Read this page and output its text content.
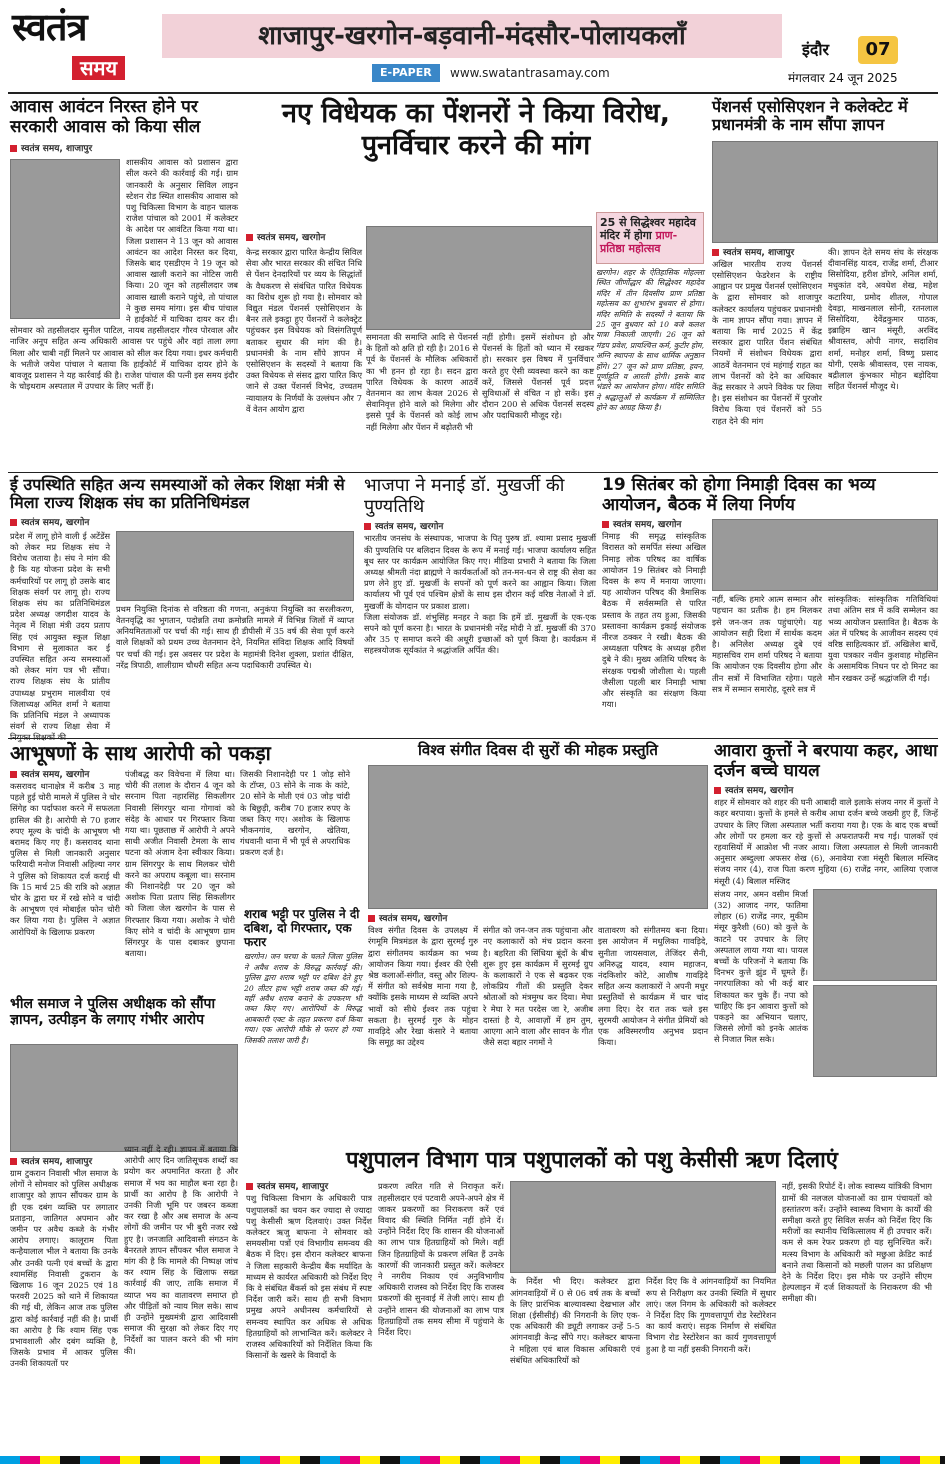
स्वतंत्र
समय
शाजापुर-खरगोन-बड़वानी-मंदसौर-पोलायकलाँ
E-PAPER	www.swatantrasamay.com
इंदौर	07
मंगलवार 24 जून 2025
आवास आवंटन निरस्त होने पर सरकारी आवास को किया सील
स्वतंत्र समय, शाजापुर
शासकीय आवास को प्रशासन द्वारा सील करने की कार्रवाई की गई। ग्राम जानकारी के अनुसार सिविल लाइन स्टेशन रोड स्थित शासकीय आवास को पशु चिकित्सा विभाग के वाहन चालक राजेश पांचाल को 2001 में कलेक्टर के आदेश पर आवंटित किया गया था। जिला प्रशासन ने 13 जून को आवास आवंटन का आदेश निरस्त कर दिया, जिसके बाद एसडीएम ने 19 जून को आवास खाली कराने का नोटिस जारी किया। 20 जून को तहसीलदार जब आवास खाली कराने पहुंचे, तो पांचाल ने कुछ समय मांगा। इस बीच पांचाल ने हाईकोर्ट में याचिका दायर कर दी। सोमवार को तहसीलदार सुनील पाटिल, नायब तहसीलदार गौरव पोरवाल और नाजिर अनूप सहित अन्य अधिकारी आवास पर पहुंचे और वहां ताला लगा मिला और चाबी नहीं मिलने पर आवास को सील कर दिया गया। इधर कर्मचारी के भतीजे जयेश पांचाल ने बताया कि हाईकोर्ट में याचिका दायर होने के बावजूद प्रशासन ने यह कार्रवाई की है। राजेश पांचाल की पत्नी इस समय इंदौर के चोइथराम अस्पताल में उपचार के लिए भर्ती हैं।
नए विधेयक का पेंशनरों ने किया विरोध, पुनर्विचार करने की मांग
स्वतंत्र समय, खरगोन
केन्द्र सरकार द्वारा पारित केन्द्रीय सिविल सेवा और भारत सरकार की संचित निधि से पेंशन देनदारियों पर व्यय के सिद्धांतों के वैधकरण से संबंधित पारित विधेयक का विरोध शुरू हो गया है। सोमवार को विद्युत मंडल पेंशनर्स एसोसिएशन के बैनर तले इकट्ठा हुए पेंशनरों ने कलेक्ट्रेट पहुंचकर इस विधेयक को विसंगतिपूर्ण बताकर सुधार की मांग की है। प्रधानमंत्री के नाम सौंपे ज्ञापन में एसोसिएशन के सदस्यों ने बताया कि उक्त विधेयक से संसद द्वारा पारित किए जाने से उक्त पेंशनर्स विभेद, उच्चतम न्यायालय के निर्णयों के उल्लंघन और 7 वें वेतन आयोग द्वारा
समानता की समाप्ति आदि से पेंशनर्स के हितों को क्षति हो रही है। 2016 से पूर्व के पेंशनर्स के मौलिक अधिकारों का भी हनन हो रहा है। सदन द्वारा पारित विधेयक के कारण आठवें वेतनमान का लाभ केवल 2026 से सेवानिवृत्त होने वाले को मिलेगा और इससे पूर्व के पेंशनर्स को कोई लाभ नहीं मिलेगा और पेंशन में बढ़ोतरी भी
नहीं होगी। इसमें संशोधन हो और पेंशनर्स के हितों को ध्यान में रखकर हो। सरकार इस विषय में पुनर्विचार करते हुए ऐसी व्यवस्था करने का कष्ट करें, जिससे पेंशनर्स पूर्व प्रदत्त सुविधाओं से वंचित न हो सकें। इस दौरान 200 से अधिक पेंशनर्स सदस्य और पदाधिकारी मौजूद रहे।
25 से सिद्धेश्वर महादेव मंदिर में होगा प्राण-प्रतिष्ठा महोत्सव
खरगोन। शहर के ऐतिहासिक मोहल्ला स्थित जीर्णोद्धार की सिद्धेश्वर महादेव मंदिर में तीन दिवसीय प्राण प्रतिष्ठा महोत्सव का शुभारंभ बुधवार से होगा। मंदिर समिति के सदस्यों ने बताया कि 25 जून बुधवार को 10 बजे कलश यात्रा निकाली जाएगी। 26 जून को मंडप प्रवेश, प्रायश्चित्त कर्म, कुटीर होम, अग्नि स्थापना के साथ धार्मिक अनुष्ठान होंगे। 27 जून को प्राण प्रतिष्ठा, हवन, पूर्णाहुति व आरती होगी। इसके बाद भंडारे का आयोजन होगा। मंदिर समिति ने श्रद्धालुओं से कार्यक्रम में सम्मिलित होने का आग्रह किया है।
पेंशनर्स एसोसिएशन ने कलेक्टेट में प्रधानमंत्री के नाम सौंपा ज्ञापन
स्वतंत्र समय, शाजापुर
अखिल भारतीय राज्य पेंशनर्स एसोसिएशन फेडरेशन के राष्ट्रीय आह्वान पर प्रमुख पेंशनर्स एसोसिएशन के द्वारा सोमवार को शाजापुर कलेक्टर कार्यालय पहुंचकर प्रधानमंत्री के नाम ज्ञापन सौंपा गया। ज्ञापन में बताया कि मार्च 2025 में केंद्र सरकार द्वारा पारित पेंशन संबंधित नियमों में संशोधन विधेयक द्वारा आठवें वेतनमान एवं महंगाई राहत का लाभ पेंशनरों को देने का अधिकार केंद्र सरकार ने अपने विवेक पर लिया है। इस संशोधन का पेंशनरों में पुरजोर विरोध किया एवं पेंशनरों को 55 राहत देने की मांग
की। ज्ञापन देते समय संघ के संरक्षक दीवानसिंह यादव, राजेंद्र शर्मा, टीआर सिसोदिया, हरीश डोंगरे, अनिल शर्मा, मधुकांत दवे, अवधेश शेख, महेश कटारिया, प्रमोद शीतल, गोपाल देवड़ा, माखनलाल सोनी, रतनलाल सिसोदिया, देवेंद्रकुमार पाठक, इब्राहिम खान मंसूरी, अरविंद श्रीवास्तव, ओपी नागर, सदाशिव शर्मा, मनोहर शर्मा, विष्णु प्रसाद योगी, एसके श्रीवास्तव, एस नायक, बद्रीलाल कुंभकार मोहन बड़ोदिया सहित पेंशनर्स मौजूद थे।
ई उपस्थिति सहित अन्य समस्याओं को लेकर शिक्षा मंत्री से मिला राज्य शिक्षक संघ का प्रतिनिधिमंडल
स्वतंत्र समय, खरगोन
प्रदेश में लागू होने वाली ई अटेंडेंस को लेकर मप्र शिक्षक संघ ने विरोध जताया है। संघ ने मांग की है कि यह योजना प्रदेश के सभी कर्मचारियों पर लागू हो उसके बाद शिक्षक संवर्ग पर लागू हो। राज्य शिक्षक संघ का प्रतिनिधिमंडल प्रदेश अध्यक्ष जगदीश यादव के नेतृत्व में शिक्षा मंत्री उदय प्रताप सिंह एवं आयुक्त स्कूल शिक्षा विभाग से मुलाकात कर ई उपस्थित सहित अन्य समस्याओं को लेकर मांग पत्र भी सौंपा। राज्य शिक्षक संघ के प्रांतीय उपाध्यक्ष प्रभुराम मालवीया एवं जिलाध्यक्ष अमित शर्मा ने बताया कि प्रतिनिधि मंडल ने अध्यापक संवर्ग से राज्य शिक्षा सेवा में
प्रथम नियुक्ति दिनांक से वरिष्ठता की गणना, अनुकंपा नियुक्ति का सरलीकरण, वेतनवृद्धि का भुगतान, पदोन्नति तथा क्रमोन्नति मामले में विभिन्न जिलों में व्याप्त अनियमितताओं पर चर्चा की गई। साथ ही डीपीसी में 35 वर्ष की सेवा पूर्ण करने वाले शिक्षकों को प्रथम उच्च वेतनमान देने, नियमित संविदा शिक्षक आदि विषयों पर चर्चा की गई। इस अवसर पर प्रदेश के महामंत्री दिनेश शुक्ला, प्रशांत दीक्षित, नरेंद्र त्रिपाठी, शालीग्राम चौधरी सहित अन्य पदाधिकारी उपस्थित थे।
भाजपा ने मनाई डॉ. मुखर्जी की पुण्यतिथि
स्वतंत्र समय, खरगोन
भारतीय जनसंघ के संस्थापक, भाजपा के पितृ पुरुष डॉ. श्यामा प्रसाद मुखर्जी की पुण्यतिथि पर बलिदान दिवस के रूप में मनाई गई। भाजपा कार्यालय सहित बूथ स्तर पर कार्यक्रम आयोजित किए गए। मीडिया प्रभारी ने बताया कि जिला अध्यक्ष श्रीमती नंदा ब्राह्मणे ने कार्यकर्ताओं को तन-मन-धन से राष्ट्र की सेवा का प्रण लेने हुए डॉ. मुखर्जी के सपनों को पूर्ण करने का आह्वान किया। जिला कार्यालय भी पूर्व एवं पश्चिम क्षेत्रों के साथ इस दौरान कई वरिष्ठ नेताओं ने डॉ. मुखर्जी के योगदान पर प्रकाश डाला।
जिला संयोजक डॉ. शंभुसिंह मनहर ने कहा कि हमें डॉ. मुखर्जी के एक-एक सपने को पूर्ण करना है। भारत के प्रधानमंत्री नरेंद्र मोदी ने डॉ. मुखर्जी की 370 और 35 ए समाप्त करने की अधूरी इच्छाओं को पूर्ण किया है। कार्यक्रम में सहस्त्रयोजक सूर्यकांत ने श्रद्धांजलि अर्पित की।
19 सितंबर को होगा निमाड़ी दिवस का भव्य आयोजन, बैठक में लिया निर्णय
स्वतंत्र समय, खरगोन
निमाड़ की समृद्ध सांस्कृतिक विरासत को समर्पित संस्था अखिल निमाड़ लोक परिषद का वार्षिक आयोजन 19 सितंबर को निमाड़ी दिवस के रूप में मनाया जाएगा। यह आयोजन परिषद की त्रैमासिक बैठक में सर्वसम्मति से पारित प्रस्ताव के तहत तय हुआ, जिसकी प्रस्तावना कार्यक्रम इकाई संयोजक नीरज ठक्कर ने रखी। बैठक की अध्यक्षता परिषद के अध्यक्ष हरीश दुबे ने की। मुख्य अतिथि परिषद के संरक्षक पद्मश्री जोशीला थे। पहली जैसीला पहली बार निमाड़ी भाषा और संस्कृति का संरक्षण किया गया।
नहीं, बल्कि हमारे आत्म सम्मान और पहचान का प्रतीक है। हम मिलकर इसे जन-जन तक पहुंचाएंगे। यह आयोजन सही दिशा में सार्थक कदम है। अनिलेश अध्यक्ष दुबे एवं महासचिव राम शर्मा परिषद ने बताया कि आयोजन एक दिवसीय होगा और तीन सत्रों में विभाजित रहेगा। पहले सत्र में सम्मान समारोह, दूसरे सत्र में
सांस्कृतिक: सांस्कृतिक गतिविधियां तथा अंतिम सत्र में कवि सम्मेलन का भव्य आयोजन प्रस्तावित है। बैठक के अंत में परिषद के आजीवन सदस्य एवं वरिष्ठ साहित्यकार डॉ. अखिलेश बार्चे, युवा पत्रकार नवीन कुशवाह मोहसिन के असामयिक निधन पर दो मिनट का मौन रखकर उन्हें श्रद्धांजलि दी गई।
आभूषणों के साथ आरोपी को पकड़ा
स्वतंत्र समय, खरगोन
कसरावद थानाक्षेत्र में करीब 3 माह पहले हुई चोरी मामले में पुलिस ने चोर सिंगेह का पर्दाफाश करने में सफलता हासिल की है। आरोपी से 70 हजार रुपए मूल्य के चांदी के आभूषण भी बरामद किए गए हैं। कसरावद थाना पुलिस से मिली जानकारी अनुसार फरियादी मनोज निवासी अहिल्या नगर ने पुलिस को शिकायत दर्ज कराई थी कि 15 मार्च 25 की रात्रि को अज्ञात चोर के द्वारा घर में रखे सोने व चांदी के आभूषण एवं मोबाईल फोन चोरी कर लिया गया है। पुलिस ने अज्ञात आरोपियों के खिलाफ प्रकरण
पंजीबद्ध कर विवेचना में लिया था। चोरी की तलाश के दौरान 4 जून को सरनाम पिता नहारसिंह सिकलीगर निवासी सिंगरपुर थाना गोगावां को संदेह के आधार पर गिरफ्तार किया गया था। पूछताछ में आरोपी ने अपने साथी अजीत निवासी टेमला के साथ घटना को अंजाम देना स्वीकार किया। ग्राम सिंगरपुर के साथ मिलकर चोरी करने का अपराध कबूला था। सरनाम की निशानदेही पर 20 जून को अशोक पिता प्रताप सिंह सिकलीगर को जिला जेल खरगोन के पास से गिरफ्तार किया गया। अशोक ने चोरी किए सोने व चांदी के आभूषण ग्राम सिंगरपुर के पास दबाकर छुपाना बताया।
जिसकी निशानदेही पर 1 जोड़ सोने के टॉप्स, 03 सोने के नाक के कांटे, 20 सोने के मोती एवं 03 जोड़ चांदी के बिछुड़ी, करीब 70 हजार रुपए के जब्त किए गए। अशोक के खिलाफ भीकनगांव, खरगोन, खेतिया, गंधवानी थाना में भी पूर्व से अपराधिक प्रकरण दर्ज है।
शराब भट्टी पर पुलिस ने दी दबिश, दो गिरफ्तार, एक फरार
खरगोन। जन चरचा के चलते जिला पुलिस ने अवैध शराब के विरुद्ध कार्रवाई की। पुलिस द्वारा शराब भट्टी पर दबिश देते हुए 20 लीटर हाथ भट्टी शराब जब्त की गई। वहीं अवैध शराब बनाने के उपकरण भी जब्त किए गए। आरोपियों के विरुद्ध आबकारी एक्ट के तहत प्रकरण दर्ज किया गया। एक आरोपी मौके से फरार हो गया जिसकी तलाश जारी है।
विश्व संगीत दिवस दी सुरों की मोहक प्रस्तुति
स्वतंत्र समय, खरगोन
विश्व संगीत दिवस के उपलक्ष्य में रंगमूमि मित्रमंडल के द्वारा सुरमई गुरु द्वारा संगीतमय कार्यक्रम का भव्य आयोजन किया गया। ईश्वर की ऐसी श्रेष्ठ कलाओं-संगीत, वस्तु और शिल्प-में संगीत को सर्वश्रेष्ठ माना गया है, क्योंकि इसके माध्यम से व्यक्ति अपने भावों को सीधे ईश्वर तक पहुंचा सकता है। सुरमई गुरु के मोहन गावड़िदे और रेखा कंसारे ने बताया कि समूह का उद्देश्य
संगीत को जन-जन तक पहुंचाना और नए कलाकारों को मंच प्रदान करना है। बहरिता की सिंधिया बूंदों के बीच शुरू हुए इस कार्यक्रम में सुरमई ग्रुप के कलाकारों ने एक से बढ़कर एक लोकप्रिय गीतों की प्रस्तुति देकर श्रोताओं को मंत्रमुग्ध कर दिया। मेघा रे मेघा रे मत परदेस जा रे, अजीब दास्तां है ये, आवाज़ों में हम तुम, आएगा आने वाला और सावन के गीत जैसे सदा बहार नगमों ने
वातावरण को संगीतमय बना दिया। इस आयोजन में मधुलिका गावड़िदे, सुनीता जायसवाल, तेजिंदर सैनी, अनिरुद्ध यादव, श्याम महाजन, नंदकिशोर कोटे, आशीष गावड़िदे सहित अन्य कलाकारों ने अपनी मधुर प्रस्तुतियों से कार्यक्रम में चार चांद लगा दिए। देर रात तक चले इस सुरमयी आयोजन ने संगीत प्रेमियों को एक अविस्मरणीय अनुभव प्रदान किया।
आवारा कुत्तों ने बरपाया कहर, आधा दर्जन बच्चे घायल
स्वतंत्र समय, खरगोन
शहर में सोमवार को शहर की घनी आबादी वाले इलाके संजय नगर में कुत्तों ने कहर बरपाया। कुत्तों के हमले से करीब आधा दर्जन बच्चे जख्मी हुए हैं, जिन्हें उपचार के लिए जिला अस्पताल भर्ती कराया गया है। एक के बाद एक बच्चों और लोगों पर हमला कर रहे कुत्तों से अफरातफरी मच गई। पालकों एवं रहवासियों में आक्रोश भी नजर आया। जिला अस्पताल से मिली जानकारी अनुसार अब्दुल्ला अफसर शेख (6), अनावेया रजा मंसूरी बिलाल मस्जिद संजय नगर (4), राज पिता करण मुहिया (6) राजेंद्र नगर, आलिया एजाज मंसूरी (4) बिलाल मस्जिद
संजय नगर, अमन वसीम मिर्जा (32) आजाद नगर, फातिमा लोहार (6) राजेंद्र नगर, मुकीम मंसूर कुरैशी (60) को कुत्ते के काटने पर उपचार के लिए अस्पताल लाया गया था। पायल बच्चों के परिजनों ने बताया कि दिनभर कुत्ते झुंड में घूमते हैं। नगरपालिका को भी कई बार शिकायत कर चुके हैं। नपा को चाहिए कि इन आवारा कुत्तों को पकड़ने का अभियान चलाए, जिससे लोगों को इनके आतंक से निजात मिल सके।
भील समाज ने पुलिस अधीक्षक को सौंपा ज्ञापन, उत्पीड़न के लगाए गंभीर आरोप
स्वतंत्र समय, शाजापुर
ग्राम टुकरान निवासी भील समाज के लोगों ने सोमवार को पुलिस अधीक्षक शाजापुर को ज्ञापन सौंपकर ग्राम के ही एक दबंग व्यक्ति पर लगातार प्रताड़ना, जातिगत अपमान और जमीन पर अवैध कब्जे के गंभीर आरोप लगाए। कालूराम पिता कन्हैयालाल भील ने बताया कि उनके और उनकी पत्नी एवं बच्चों के द्वारा श्यामसिंह निवासी टुकरान के खिलाफ 16 जून 2025 एवं 18 फरवरी 2025 को थाने में शिकायत की गई थी, लेकिन आज तक पुलिस द्वारा कोई कार्रवाई नहीं की है। प्रार्थी का आरोप है कि श्याम सिंह एक प्रभावशाली और दबंग व्यक्ति है, जिसके प्रभाव में आकर पुलिस उनकी शिकायतों पर
ध्यान नहीं दे रही। ज्ञापन में बताया कि आरोपी आए दिन जातिसूचक शब्दों का प्रयोग कर अपमानित करता है और समाज में भय का माहौल बना रहा है। प्रार्थी का आरोप है कि आरोपी ने उनकी निजी भूमि पर जबरन कब्जा कर रखा है और अब समाज के अन्य लोगों की जमीन पर भी बुरी नजर रखे हुए है। जनजाति आदिवासी संगठन के बैनरतले ज्ञापन सौंपकर भील समाज ने मांग की है कि मामले की निष्पक्ष जांच कर श्याम सिंह के खिलाफ सख्त कार्रवाई की जाए, ताकि समाज में व्याप्त भय का वातावरण समाप्त हो और पीड़ितों को न्याय मिल सके। साथ ही उन्होंने मुख्यमंत्री द्वारा आदिवासी समाज की सुरक्षा को लेकर दिए गए निर्देशों का पालन करने की भी मांग की।
पशुपालन विभाग पात्र पशुपालकों को पशु केसीसी ऋण दिलाएं
स्वतंत्र समय, शाजापुर
पशु चिकित्सा विभाग के अधिकारी पात्र पशुपालकों का चयन कर ज्यादा से ज्यादा पशु केसीसी ऋण दिलवाएं। उक्त निर्देश कलेक्टर ऋजु बाफना ने सोमवार को समयसीमा पत्रों एवं विभागीय समन्वय की बैठक में दिए। इस दौरान कलेक्टर बाफना ने जिला सहकारी केन्द्रीय बैंक मर्यादित के माध्यम से कार्यरत अधिकारी को निर्देश दिए कि वे संबंधित बैंकर्स को इस संबंध में स्पष्ट निर्देश जारी करें। साथ ही सभी विभाग प्रमुख अपने अधीनस्थ कर्मचारियों से समन्वय स्थापित कर अधिक से अधिक हितग्राहियों को लाभान्वित करें। कलेक्टर ने राजस्व अधिकारियों को निर्देशित किया कि किसानों के खसरे के विवादों के
प्रकरण त्वरित गति से निराकृत करें। तहसीलदार एवं पटवारी अपने-अपने क्षेत्र में जाकर प्रकरणों का निराकरण करें एवं विवाद की स्थिति निर्मित नहीं होने दें। उन्होंने निर्देश दिए कि शासन की योजनाओं का लाभ पात्र हितग्राहियों को मिले। वहीं जिन हितग्राहियों के प्रकरण लंबित हैं उनके कारणों की जानकारी प्रस्तुत करें। कलेक्टर ने नगरीय निकाय एवं अनुविभागीय अधिकारी राजस्व को निर्देश दिए कि राजस्व प्रकरणों की सुनवाई में तेजी लाएं। साथ ही उन्होंने शासन की योजनाओं का लाभ पात्र हितग्राहियों तक समय सीमा में पहुंचाने के निर्देश दिए।
के निर्देश भी दिए। कलेक्टर द्वारा आंगनवाड़ियों में 0 से 06 वर्ष तक के बच्चों के लिए प्रारंभिक बाल्यावस्था देखभाल और शिक्षा (ईसीसीई) की निगरानी के लिए एक-एक अधिकारी की ड्यूटी लगाकर उन्हें 5-5 आंगनवाड़ी केन्द्र सौंपे गए। कलेक्टर बाफना ने महिला एवं बाल विकास अधिकारी एवं संबंधित अधिकारियों को
निर्देश दिए कि वे आंगनवाड़ियों का नियमित रूप से निरीक्षण कर उनकी स्थिति में सुधार लाएं। जल निगम के अधिकारी को कलेक्टर ने निर्देश दिए कि गुणवत्तापूर्ण रोड रेस्टोरेशन का कार्य कराएं। सड़क निर्माण से संबंधित विभाग रोड रेस्टोरेशन का कार्य गुणवत्तापूर्ण हुआ है या नहीं इसकी निगरानी करें।
नहीं, इसकी रिपोर्ट दें। लोक स्वास्थ्य यांत्रिकी विभाग ग्रामों की नलजल योजनाओं का ग्राम पंचायतों को हस्तांतरण करें। उन्होंने स्वास्थ्य विभाग के कार्यों की समीक्षा करते हुए सिविल सर्जन को निर्देश दिए कि मरीजों का स्थानीय चिकित्सालय में ही उपचार करें। कम से कम रेफर प्रकरण हो यह सुनिश्चित करें। मत्स्य विभाग के अधिकारी को मछुआ क्रेडिट कार्ड बनाने तथा किसानों को मछली पालन का प्रशिक्षण देने के निर्देश दिए। इस मौके पर उन्होंने सीएम हेल्पलाइन में दर्ज शिकायतों के निराकरण की भी समीक्षा की।
